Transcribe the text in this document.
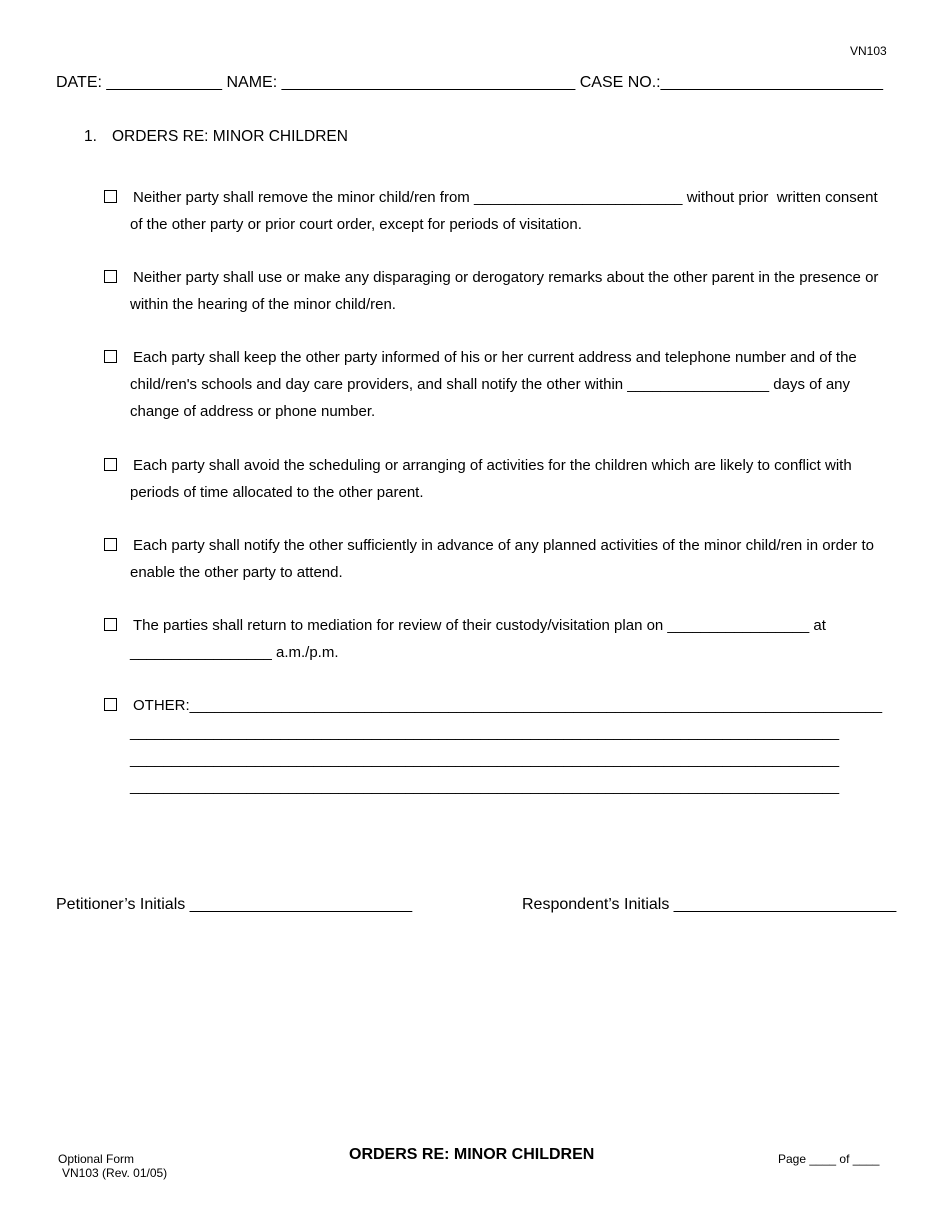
VN103
DATE: _____________ NAME: _________________________________ CASE NO.:_________________________
1. ORDERS RE: MINOR CHILDREN
Neither party shall remove the minor child/ren from _________________________ without prior  written consent of the other party or prior court order, except for periods of visitation.
Neither party shall use or make any disparaging or derogatory remarks about the other parent in the presence or within the hearing of the minor child/ren.
Each party shall keep the other party informed of his or her current address and telephone number and of the child/ren's schools and day care providers, and shall notify the other within _________________ days of any change of address or phone number.
Each party shall avoid the scheduling or arranging of activities for the children which are likely to conflict with periods of time allocated to the other parent.
Each party shall notify the other sufficiently in advance of any planned activities of the minor child/ren in order to enable the other party to attend.
The parties shall return to mediation for review of their custody/visitation plan on _________________ at _________________ a.m./p.m.
OTHER:___________________________________________________________________________________
_____________________________________________________________________________________
_____________________________________________________________________________________
_____________________________________________________________________________________
Petitioner’s Initials _________________________	Respondent’s Initials _________________________
Optional Form
VN103 (Rev. 01/05)
ORDERS RE: MINOR CHILDREN	Page ____ of ____
